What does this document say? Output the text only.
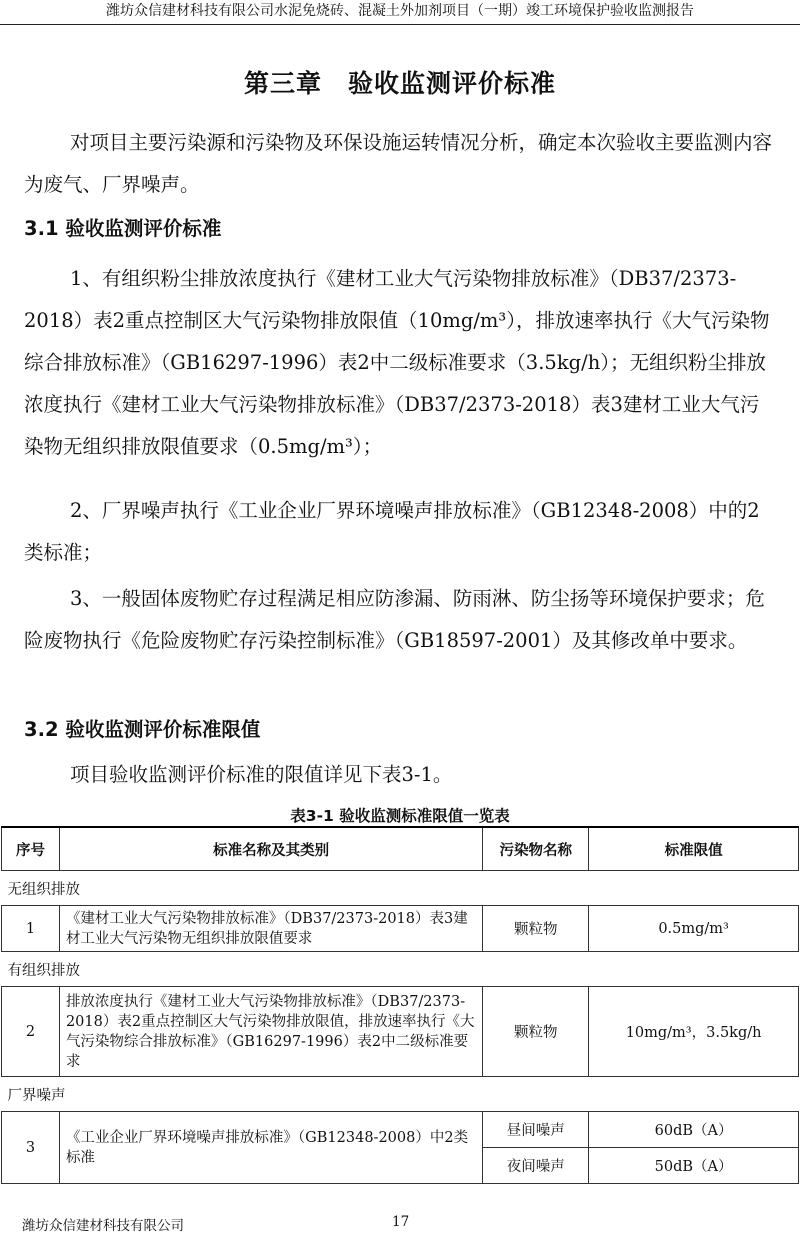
潍坊众信建材科技有限公司水泥免烧砖、混凝土外加剂项目（一期）竣工环境保护验收监测报告
第三章　验收监测评价标准
对项目主要污染源和污染物及环保设施运转情况分析，确定本次验收主要监测内容为废气、厂界噪声。
3.1 验收监测评价标准
1、有组织粉尘排放浓度执行《建材工业大气污染物排放标准》（DB37/2373-2018）表2重点控制区大气污染物排放限值（10mg/m³），排放速率执行《大气污染物综合排放标准》（GB16297-1996）表2中二级标准要求（3.5kg/h）；无组织粉尘排放浓度执行《建材工业大气污染物排放标准》（DB37/2373-2018）表3建材工业大气污染物无组织排放限值要求（0.5mg/m³）；
2、厂界噪声执行《工业企业厂界环境噪声排放标准》（GB12348-2008）中的2类标准；
3、一般固体废物贮存过程满足相应防渗漏、防雨淋、防尘扬等环境保护要求；危险废物执行《危险废物贮存污染控制标准》（GB18597-2001）及其修改单中要求。
3.2 验收监测评价标准限值
项目验收监测评价标准的限值详见下表3-1。
表3-1 验收监测标准限值一览表
序号	标准名称及其类别	污染物名称	标准限值
无组织排放			
1	《建材工业大气污染物排放标准》（DB37/2373-2018）表3建材工业大气污染物无组织排放限值要求	颗粒物	0.5mg/m³
有组织排放			
2	排放浓度执行《建材工业大气污染物排放标准》（DB37/2373-2018）表2重点控制区大气污染物排放限值，排放速率执行《大气污染物综合排放标准》（GB16297-1996）表2中二级标准要求	颗粒物	10mg/m³，3.5kg/h
厂界噪声			
3	《工业企业厂界环境噪声排放标准》（GB12348-2008）中2类标准	昼间噪声	60dB（A）
		夜间噪声	50dB（A）
潍坊众信建材科技有限公司	17
